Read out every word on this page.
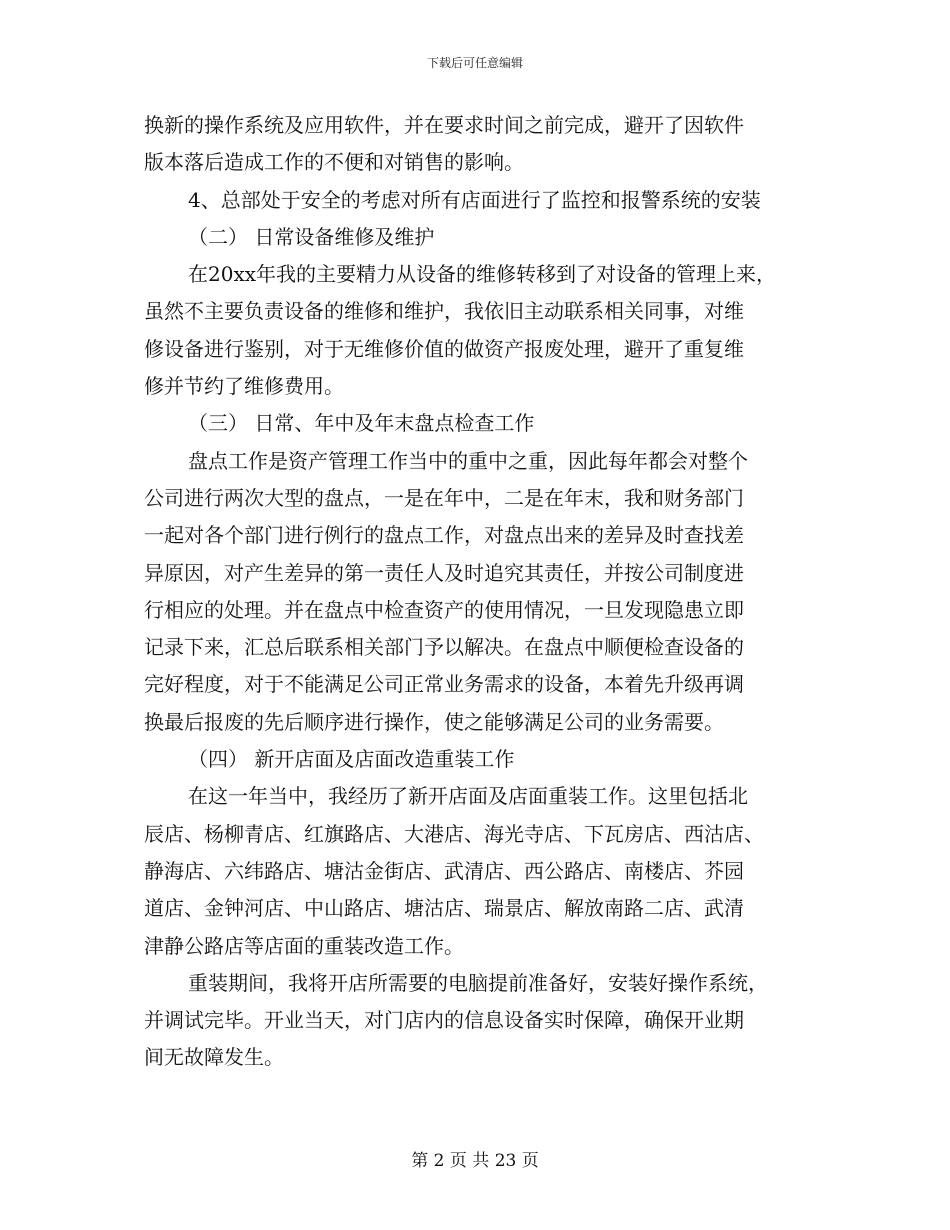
下载后可任意编辑
换新的操作系统及应用软件，并在要求时间之前完成，避开了因软件
版本落后造成工作的不便和对销售的影响。
4、总部处于安全的考虑对所有店面进行了监控和报警系统的安装
（二） 日常设备维修及维护
在20xx年我的主要精力从设备的维修转移到了对设备的管理上来，
虽然不主要负责设备的维修和维护，我依旧主动联系相关同事，对维
修设备进行鉴别，对于无维修价值的做资产报废处理，避开了重复维
修并节约了维修费用。
（三） 日常、年中及年末盘点检查工作
盘点工作是资产管理工作当中的重中之重，因此每年都会对整个
公司进行两次大型的盘点，一是在年中，二是在年末，我和财务部门
一起对各个部门进行例行的盘点工作，对盘点出来的差异及时查找差
异原因，对产生差异的第一责任人及时追究其责任，并按公司制度进
行相应的处理。并在盘点中检查资产的使用情况，一旦发现隐患立即
记录下来，汇总后联系相关部门予以解决。在盘点中顺便检查设备的
完好程度，对于不能满足公司正常业务需求的设备，本着先升级再调
换最后报废的先后顺序进行操作，使之能够满足公司的业务需要。
（四） 新开店面及店面改造重装工作
在这一年当中，我经历了新开店面及店面重装工作。这里包括北
辰店、杨柳青店、红旗路店、大港店、海光寺店、下瓦房店、西沽店、
静海店、六纬路店、塘沽金街店、武清店、西公路店、南楼店、芥园
道店、金钟河店、中山路店、塘沽店、瑞景店、解放南路二店、武清
津静公路店等店面的重装改造工作。
重装期间，我将开店所需要的电脑提前准备好，安装好操作系统，
并调试完毕。开业当天，对门店内的信息设备实时保障，确保开业期
间无故障发生。
第 2 页 共 23 页
